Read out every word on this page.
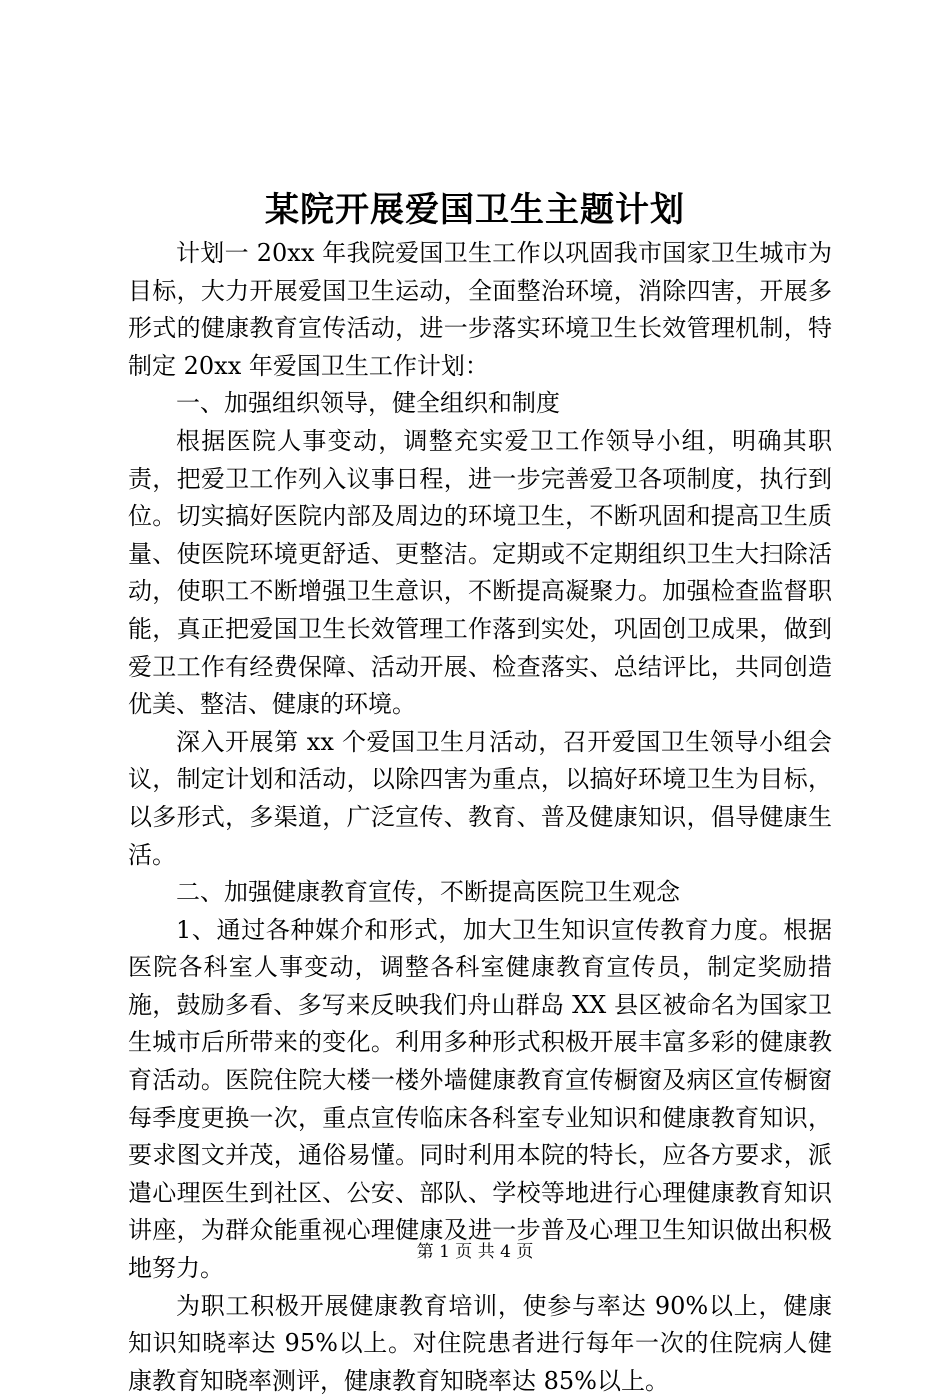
某院开展爱国卫生主题计划

计划一 20xx 年我院爱国卫生工作以巩固我市国家卫生城市为目标，大力开展爱国卫生运动，全面整治环境，消除四害，开展多形式的健康教育宣传活动，进一步落实环境卫生长效管理机制，特制定 20xx 年爱国卫生工作计划：

一、加强组织领导，健全组织和制度

根据医院人事变动，调整充实爱卫工作领导小组，明确其职责，把爱卫工作列入议事日程，进一步完善爱卫各项制度，执行到位。切实搞好医院内部及周边的环境卫生，不断巩固和提高卫生质量、使医院环境更舒适、更整洁。定期或不定期组织卫生大扫除活动，使职工不断增强卫生意识，不断提高凝聚力。加强检查监督职能，真正把爱国卫生长效管理工作落到实处，巩固创卫成果，做到爱卫工作有经费保障、活动开展、检查落实、总结评比，共同创造优美、整洁、健康的环境。

深入开展第 xx 个爱国卫生月活动，召开爱国卫生领导小组会议，制定计划和活动，以除四害为重点，以搞好环境卫生为目标，以多形式，多渠道，广泛宣传、教育、普及健康知识，倡导健康生活。

二、加强健康教育宣传，不断提高医院卫生观念

1、通过各种媒介和形式，加大卫生知识宣传教育力度。根据医院各科室人事变动，调整各科室健康教育宣传员，制定奖励措施，鼓励多看、多写来反映我们舟山群岛 XX 县区被命名为国家卫生城市后所带来的变化。利用多种形式积极开展丰富多彩的健康教育活动。医院住院大楼一楼外墙健康教育宣传橱窗及病区宣传橱窗每季度更换一次，重点宣传临床各科室专业知识和健康教育知识，要求图文并茂，通俗易懂。同时利用本院的特长，应各方要求，派遣心理医生到社区、公安、部队、学校等地进行心理健康教育知识讲座，为群众能重视心理健康及进一步普及心理卫生知识做出积极地努力。

为职工积极开展健康教育培训，使参与率达 90%以上，健康知识知晓率达 95%以上。对住院患者进行每年一次的住院病人健康教育知晓率测评，健康教育知晓率达 85%以上。

第 1 页 共 4 页
